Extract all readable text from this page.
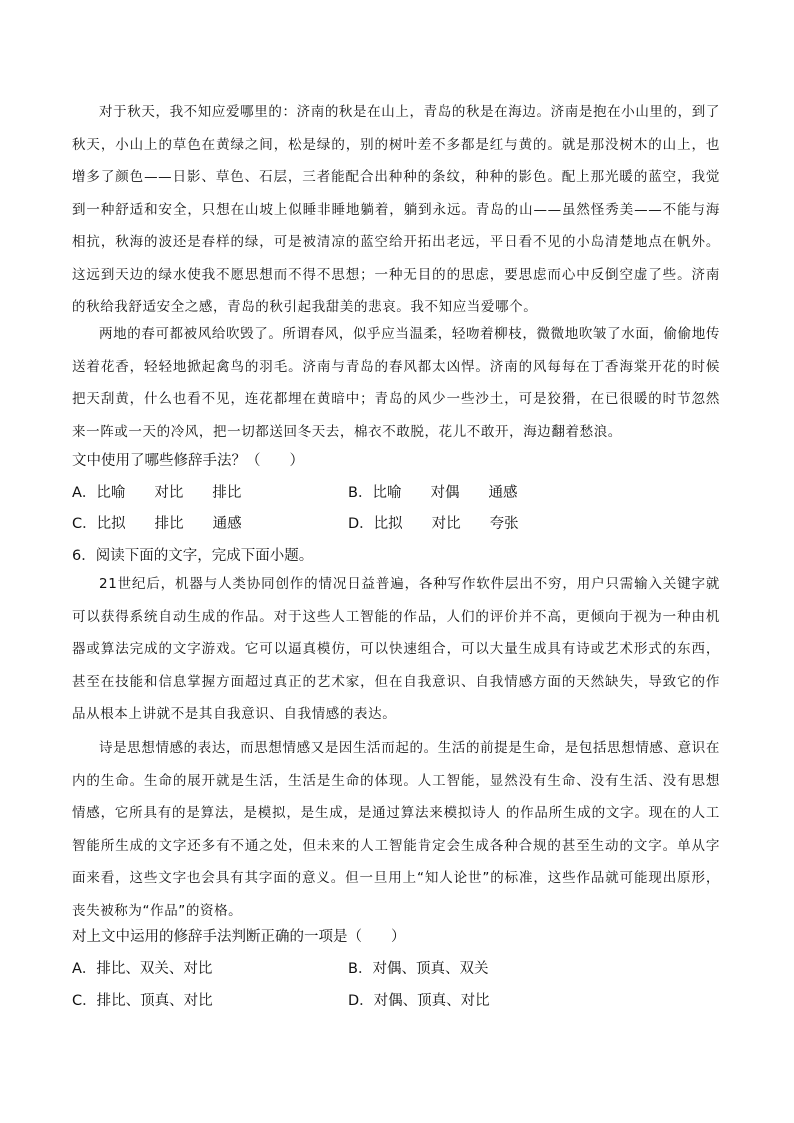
对于秋天，我不知应爱哪里的：济南的秋是在山上，青岛的秋是在海边。济南是抱在小山里的，到了秋天，小山上的草色在黄绿之间，松是绿的，别的树叶差不多都是红与黄的。就是那没树木的山上，也增多了颜色——日影、草色、石层，三者能配合出种种的条纹，种种的影色。配上那光暖的蓝空，我觉到一种舒适和安全，只想在山坡上似睡非睡地躺着，躺到永远。青岛的山——虽然怪秀美——不能与海相抗，秋海的波还是春样的绿，可是被清凉的蓝空给开拓出老远，平日看不见的小岛清楚地点在帆外。这远到天边的绿水使我不愿思想而不得不思想；一种无目的的思虑，要思虑而心中反倒空虚了些。济南的秋给我舒适安全之感，青岛的秋引起我甜美的悲哀。我不知应当爱哪个。

两地的春可都被风给吹毁了。所谓春风，似乎应当温柔，轻吻着柳枝，微微地吹皱了水面，偷偷地传送着花香，轻轻地掀起禽鸟的羽毛。济南与青岛的春风都太凶悍。济南的风每每在丁香海棠开花的时候把天刮黄，什么也看不见，连花都埋在黄暗中；青岛的风少一些沙土，可是狡猾，在已很暖的时节忽然来一阵或一天的冷风，把一切都送回冬天去，棉衣不敢脱，花儿不敢开，海边翻着愁浪。

文中使用了哪些修辞手法？（　　）
A．比喻　　对比　　排比	B．比喻　　对偶　　通感
C．比拟　　排比　　通感	D．比拟　　对比　　夸张
6．阅读下面的文字，完成下面小题。

21世纪后，机器与人类协同创作的情况日益普遍，各种写作软件层出不穷，用户只需输入关键字就可以获得系统自动生成的作品。对于这些人工智能的作品，人们的评价并不高，更倾向于视为一种由机器或算法完成的文字游戏。它可以逼真模仿，可以快速组合，可以大量生成具有诗或艺术形式的东西，甚至在技能和信息掌握方面超过真正的艺术家，但在自我意识、自我情感方面的天然缺失，导致它的作品从根本上讲就不是其自我意识、自我情感的表达。

诗是思想情感的表达，而思想情感又是因生活而起的。生活的前提是生命，是包括思想情感、意识在内的生命。生命的展开就是生活，生活是生命的体现。人工智能，显然没有生命、没有生活、没有思想情感，它所具有的是算法，是模拟，是生成，是通过算法来模拟诗人 的作品所生成的文字。现在的人工智能所生成的文字还多有不通之处，但未来的人工智能肯定会生成各种合规的甚至生动的文字。单从字面来看，这些文字也会具有其字面的意义。但一旦用上“知人论世”的标准，这些作品就可能现出原形，丧失被称为“作品”的资格。

对上文中运用的修辞手法判断正确的一项是（　　）
A．排比、双关、对比	B．对偶、顶真、双关
C．排比、顶真、对比	D．对偶、顶真、对比
